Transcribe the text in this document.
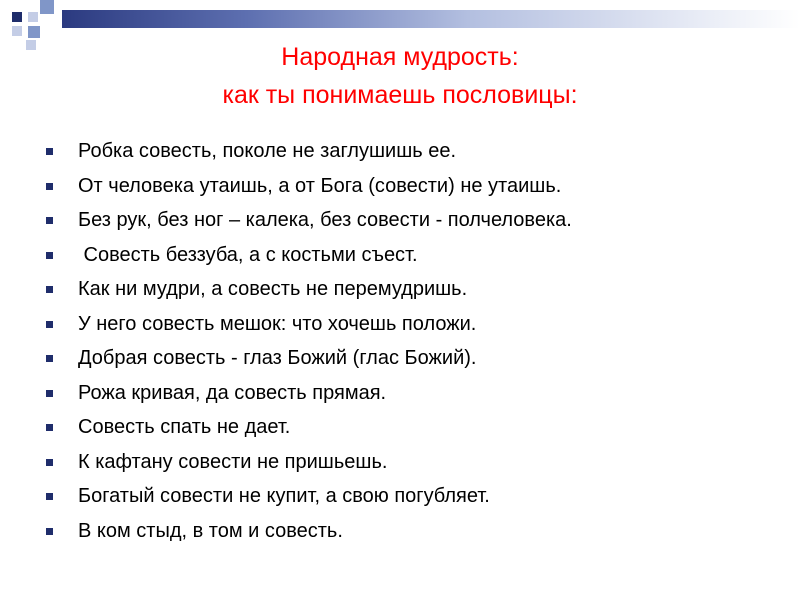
Народная мудрость:
как ты понимаешь пословицы:
Робка совесть, поколе не заглушишь ее.
От человека утаишь, а от Бога (совести) не утаишь.
Без рук, без ног – калека, без совести - полчеловека.
Совесть беззуба, а с костьми съест.
Как ни мудри, а совесть не перемудришь.
У него совесть мешок: что хочешь положи.
Добрая совесть - глаз Божий (глас Божий).
Рожа кривая, да совесть прямая.
Совесть спать не дает.
К кафтану совести не пришьешь.
Богатый совести не купит, а свою погубляет.
В ком стыд, в том и совесть.
